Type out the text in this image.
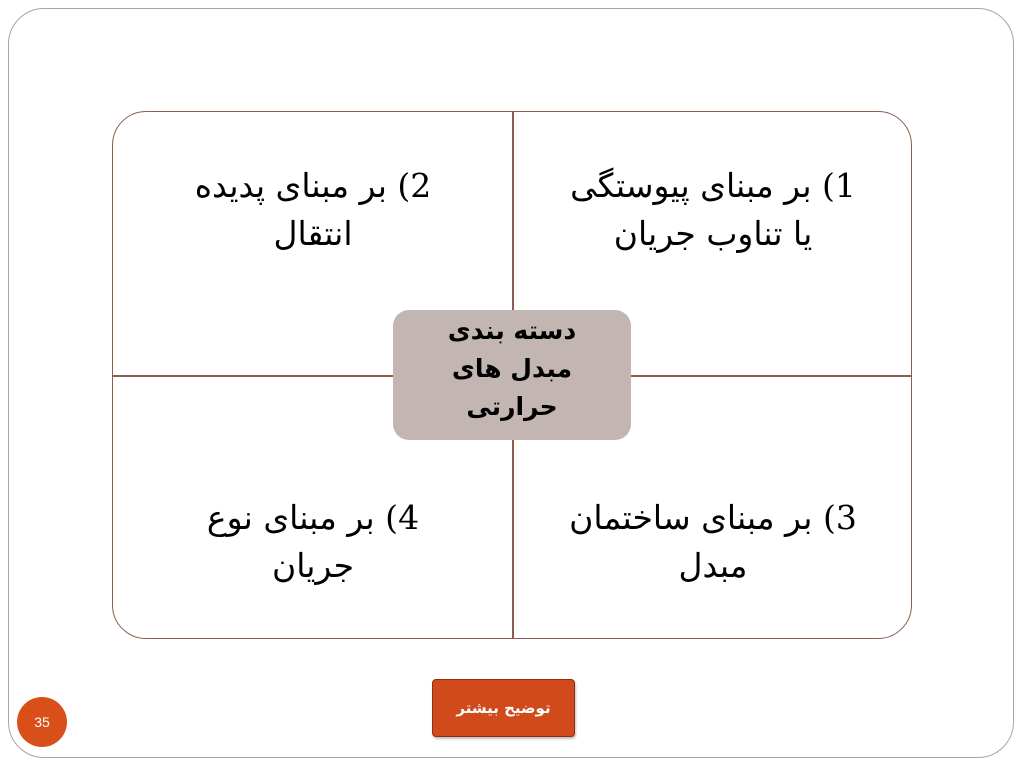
1) بر مبنای پیوستگی
یا تناوب جریان
2) بر مبنای پدیده
انتقال
3) بر مبنای ساختمان
مبدل
4) بر مبنای نوع
جریان
دسته بندی
مبدل های
حرارتی
توضیح بیشتر
35
